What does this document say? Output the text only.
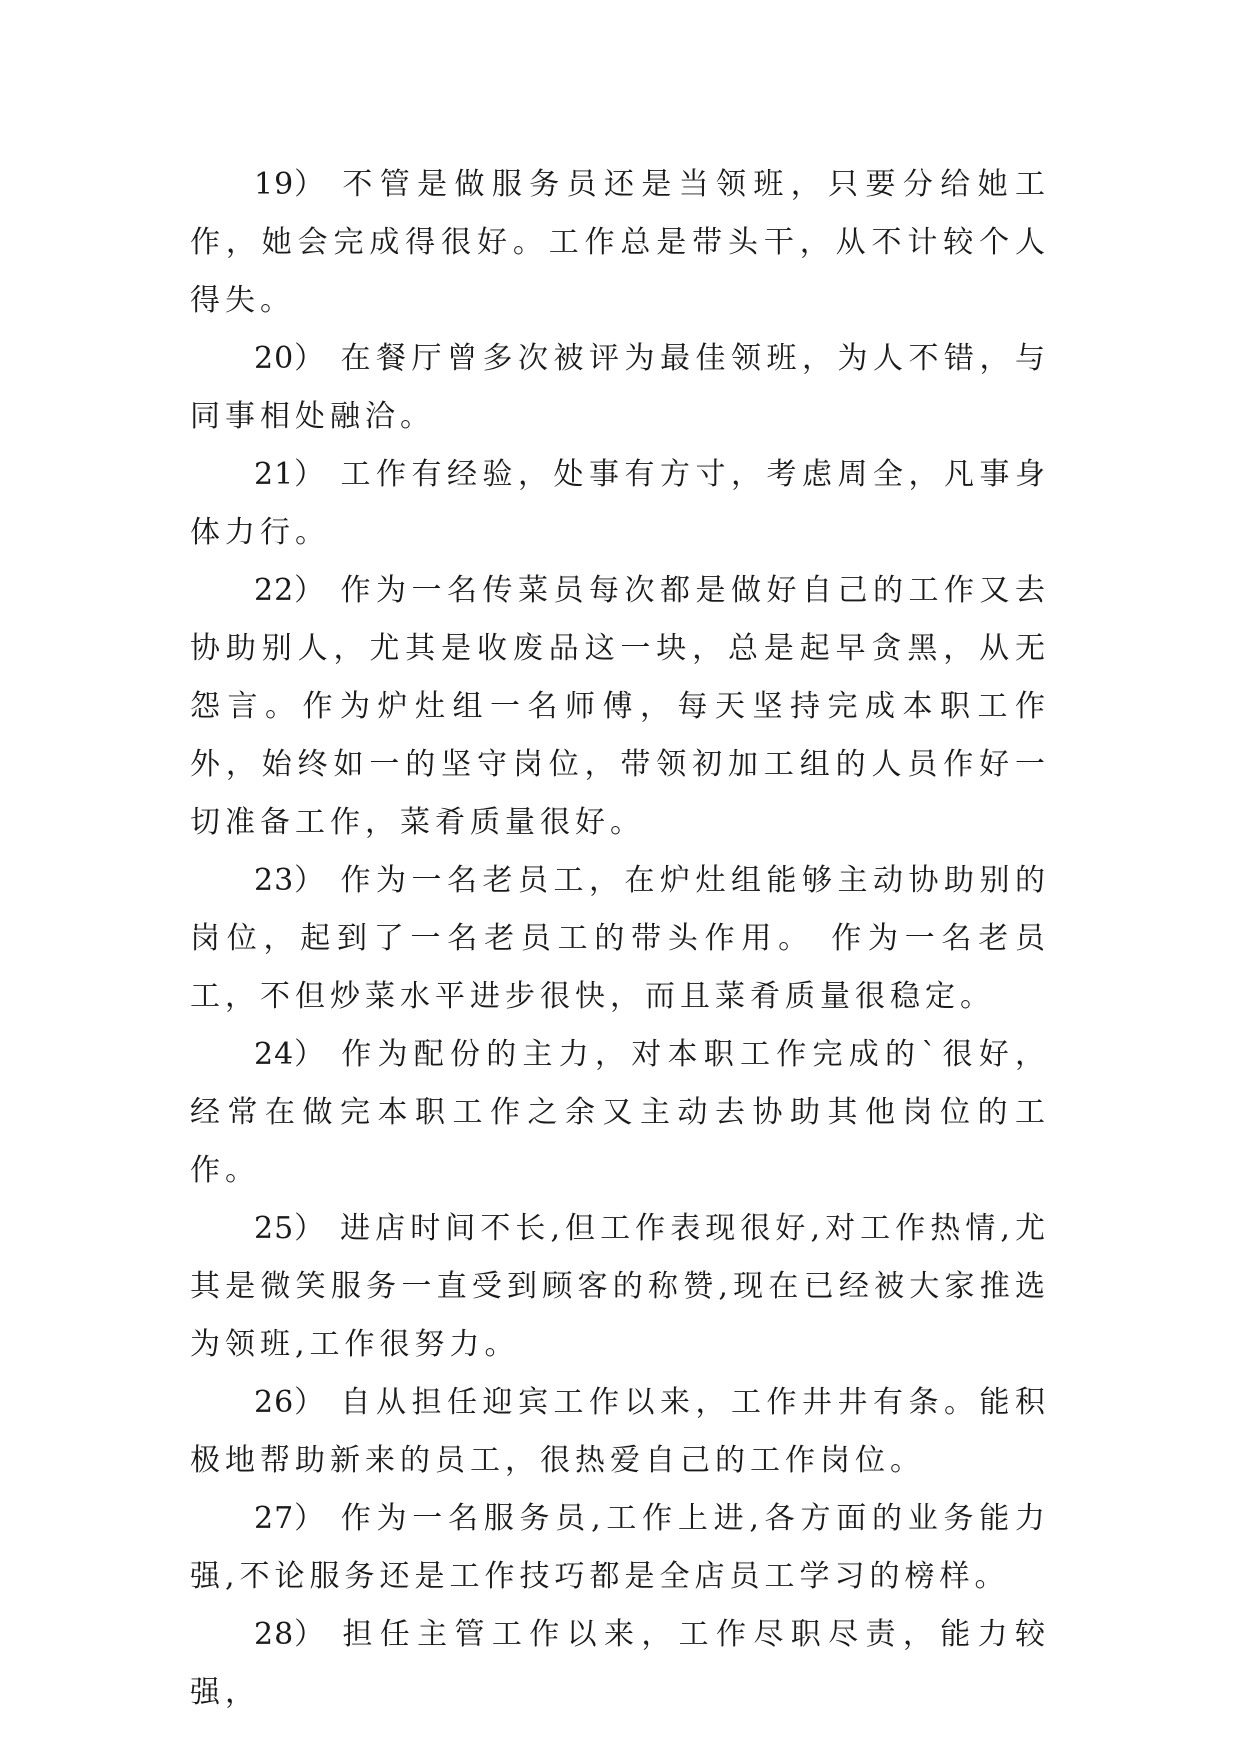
19） 不管是做服务员还是当领班，只要分给她工作，她会完成得很好。工作总是带头干，从不计较个人得失。

20） 在餐厅曾多次被评为最佳领班，为人不错，与同事相处融洽。

21） 工作有经验，处事有方寸，考虑周全，凡事身体力行。

22） 作为一名传菜员每次都是做好自己的工作又去协助别人，尤其是收废品这一块，总是起早贪黑，从无怨言。作为炉灶组一名师傅，每天坚持完成本职工作外，始终如一的坚守岗位，带领初加工组的人员作好一切准备工作，菜肴质量很好。

23） 作为一名老员工，在炉灶组能够主动协助别的岗位，起到了一名老员工的带头作用。 作为一名老员工，不但炒菜水平进步很快，而且菜肴质量很稳定。

24） 作为配份的主力，对本职工作完成的`很好，经常在做完本职工作之余又主动去协助其他岗位的工作。

25） 进店时间不长,但工作表现很好,对工作热情,尤其是微笑服务一直受到顾客的称赞,现在已经被大家推选为领班,工作很努力。

26） 自从担任迎宾工作以来，工作井井有条。能积极地帮助新来的员工，很热爱自己的工作岗位。

27） 作为一名服务员,工作上进,各方面的业务能力强,不论服务还是工作技巧都是全店员工学习的榜样。

28） 担任主管工作以来，工作尽职尽责，能力较强，
